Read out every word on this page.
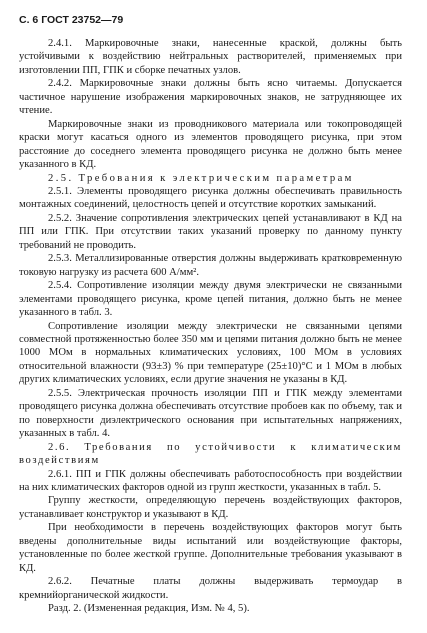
С. 6 ГОСТ 23752—79

2.4.1. Маркировочные знаки, нанесенные краской, должны быть устойчивыми к воздействию нейтральных растворителей, применяемых при изготовлении ПП, ГПК и сборке печатных узлов.

2.4.2. Маркировочные знаки должны быть ясно читаемы. Допускается частичное нарушение изображения маркировочных знаков, не затрудняющее их чтение.

Маркировочные знаки из проводникового материала или токопроводящей краски могут касаться одного из элементов проводящего рисунка, при этом расстояние до соседнего элемента проводящего рисунка не должно быть менее указанного в КД.

2.5. Требования к электрическим параметрам

2.5.1. Элементы проводящего рисунка должны обеспечивать правильность монтажных соединений, целостность цепей и отсутствие коротких замыканий.

2.5.2. Значение сопротивления электрических цепей устанавливают в КД на ПП или ГПК. При отсутствии таких указаний проверку по данному пункту требований не проводить.

2.5.3. Металлизированные отверстия должны выдерживать кратковременную токовую нагрузку из расчета 600 А/мм².

2.5.4. Сопротивление изоляции между двумя электрически не связанными элементами проводящего рисунка, кроме цепей питания, должно быть не менее указанного в табл. 3.

Сопротивление изоляции между электрически не связанными цепями совместной протяженностью более 350 мм и цепями питания должно быть не менее 1000 МОм в нормальных климатических условиях, 100 МОм в условиях относительной влажности (93±3) % при температуре (25±10)°С и 1 МОм в любых других климатических условиях, если другие значения не указаны в КД.

2.5.5. Электрическая прочность изоляции ПП и ГПК между элементами проводящего рисунка должна обеспечивать отсутствие пробоев как по объему, так и по поверхности диэлектрического основания при испытательных напряжениях, указанных в табл. 4.

2.6. Требования по устойчивости к климатическим воздействиям

2.6.1. ПП и ГПК должны обеспечивать работоспособность при воздействии на них климатических факторов одной из групп жесткости, указанных в табл. 5.

Группу жесткости, определяющую перечень воздействующих факторов, устанавливает конструктор и указывают в КД.

При необходимости в перечень воздействующих факторов могут быть введены дополнительные виды испытаний или воздействующие факторы, установленные по более жесткой группе. Дополнительные требования указывают в КД.

2.6.2. Печатные платы должны выдерживать термоудар в кремнийорганической жидкости.

Разд. 2. (Измененная редакция, Изм. № 4, 5).
